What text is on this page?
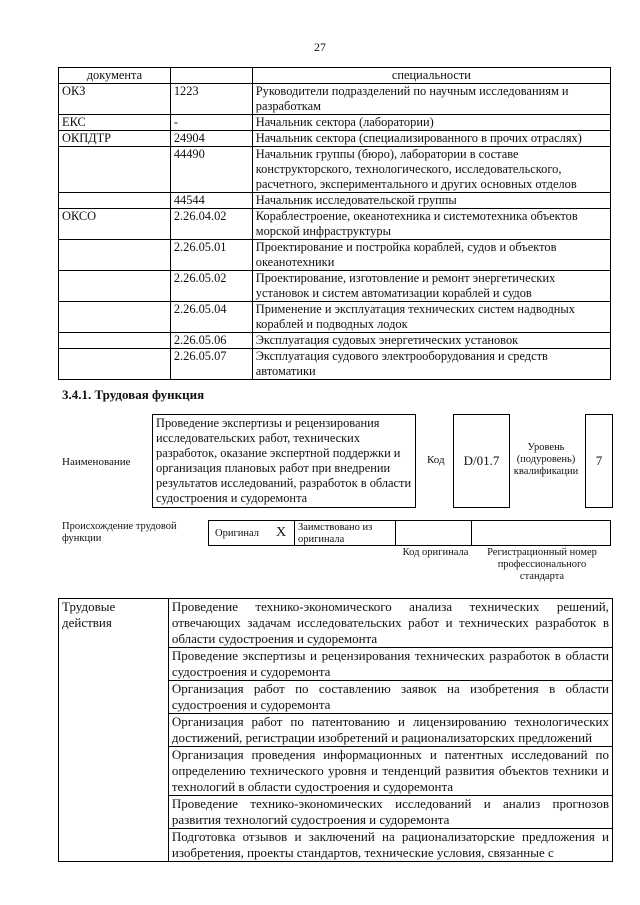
27
документа		специальности
ОКЗ	1223	Руководители подразделений по научным исследованиям и разработкам
ЕКС	-	Начальник сектора (лаборатории)
ОКПДТР	24904	Начальник сектора (специализированного в прочих отраслях)
	44490	Начальник группы (бюро), лаборатории в составе конструкторского, технологического, исследовательского, расчетного, экспериментального и других основных отделов
	44544	Начальник исследовательской группы
ОКСО	2.26.04.02	Кораблестроение, океанотехника и системотехника объектов морской инфраструктуры
	2.26.05.01	Проектирование и постройка кораблей, судов и объектов океанотехники
	2.26.05.02	Проектирование, изготовление и ремонт энергетических установок и систем автоматизации кораблей и судов
	2.26.05.04	Применение и эксплуатация технических систем надводных кораблей и подводных лодок
	2.26.05.06	Эксплуатация судовых энергетических установок
	2.26.05.07	Эксплуатация судового электрооборудования и средств автоматики
3.4.1. Трудовая функция
Наименование
Проведение экспертизы и рецензирования исследовательских работ, технических разработок, оказание экспертной поддержки и организация плановых работ при внедрении результатов исследований, разработок в области судостроения и судоремонта
Код	D/01.7
Уровень (подуровень) квалификации
7
Происхождение трудовой функции	Оригинал X Заимствовано из оригинала
Код оригинала	Регистрационный номер профессионального стандарта
Трудовые действия	Проведение технико-экономического анализа технических решений, отвечающих задачам исследовательских работ и технических разработок в области судостроения и судоремонта
Проведение экспертизы и рецензирования технических разработок в области судостроения и судоремонта
Организация работ по составлению заявок на изобретения в области судостроения и судоремонта
Организация работ по патентованию и лицензированию технологических достижений, регистрации изобретений и рационализаторских предложений
Организация проведения информационных и патентных исследований по определению технического уровня и тенденций развития объектов техники и технологий в области судостроения и судоремонта
Проведение технико-экономических исследований и анализ прогнозов развития технологий судостроения и судоремонта
Подготовка отзывов и заключений на рационализаторские предложения и изобретения, проекты стандартов, технические условия, связанные с
